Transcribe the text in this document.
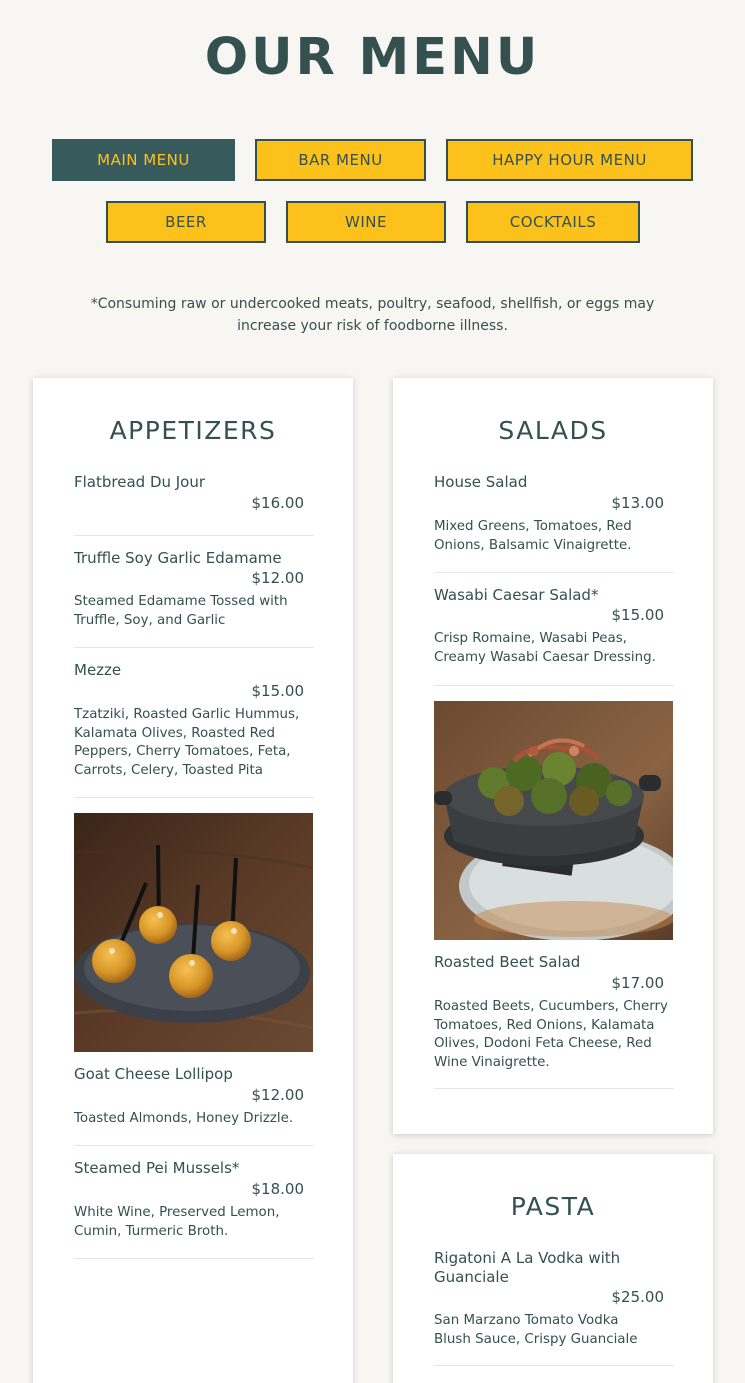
OUR MENU
MAIN MENU	BAR MENU	HAPPY HOUR MENU
BEER	WINE	COCKTAILS
*Consuming raw or undercooked meats, poultry, seafood, shellfish, or eggs may increase your risk of foodborne illness.
APPETIZERS
Flatbread Du Jour
$16.00
Truffle Soy Garlic Edamame
$12.00
Steamed Edamame Tossed with Truffle, Soy, and Garlic
Mezze
$15.00
Tzatziki, Roasted Garlic Hummus, Kalamata Olives, Roasted Red Peppers, Cherry Tomatoes, Feta, Carrots, Celery, Toasted Pita
Goat Cheese Lollipop
$12.00
Toasted Almonds, Honey Drizzle.
Steamed Pei Mussels*
$18.00
White Wine, Preserved Lemon, Cumin, Turmeric Broth.
SALADS
House Salad
$13.00
Mixed Greens, Tomatoes, Red Onions, Balsamic Vinaigrette.
Wasabi Caesar Salad*
$15.00
Crisp Romaine, Wasabi Peas, Creamy Wasabi Caesar Dressing.
Roasted Beet Salad
$17.00
Roasted Beets, Cucumbers, Cherry Tomatoes, Red Onions, Kalamata Olives, Dodoni Feta Cheese, Red Wine Vinaigrette.
PASTA
Rigatoni A La Vodka with Guanciale
$25.00
San Marzano Tomato Vodka Blush Sauce, Crispy Guanciale
